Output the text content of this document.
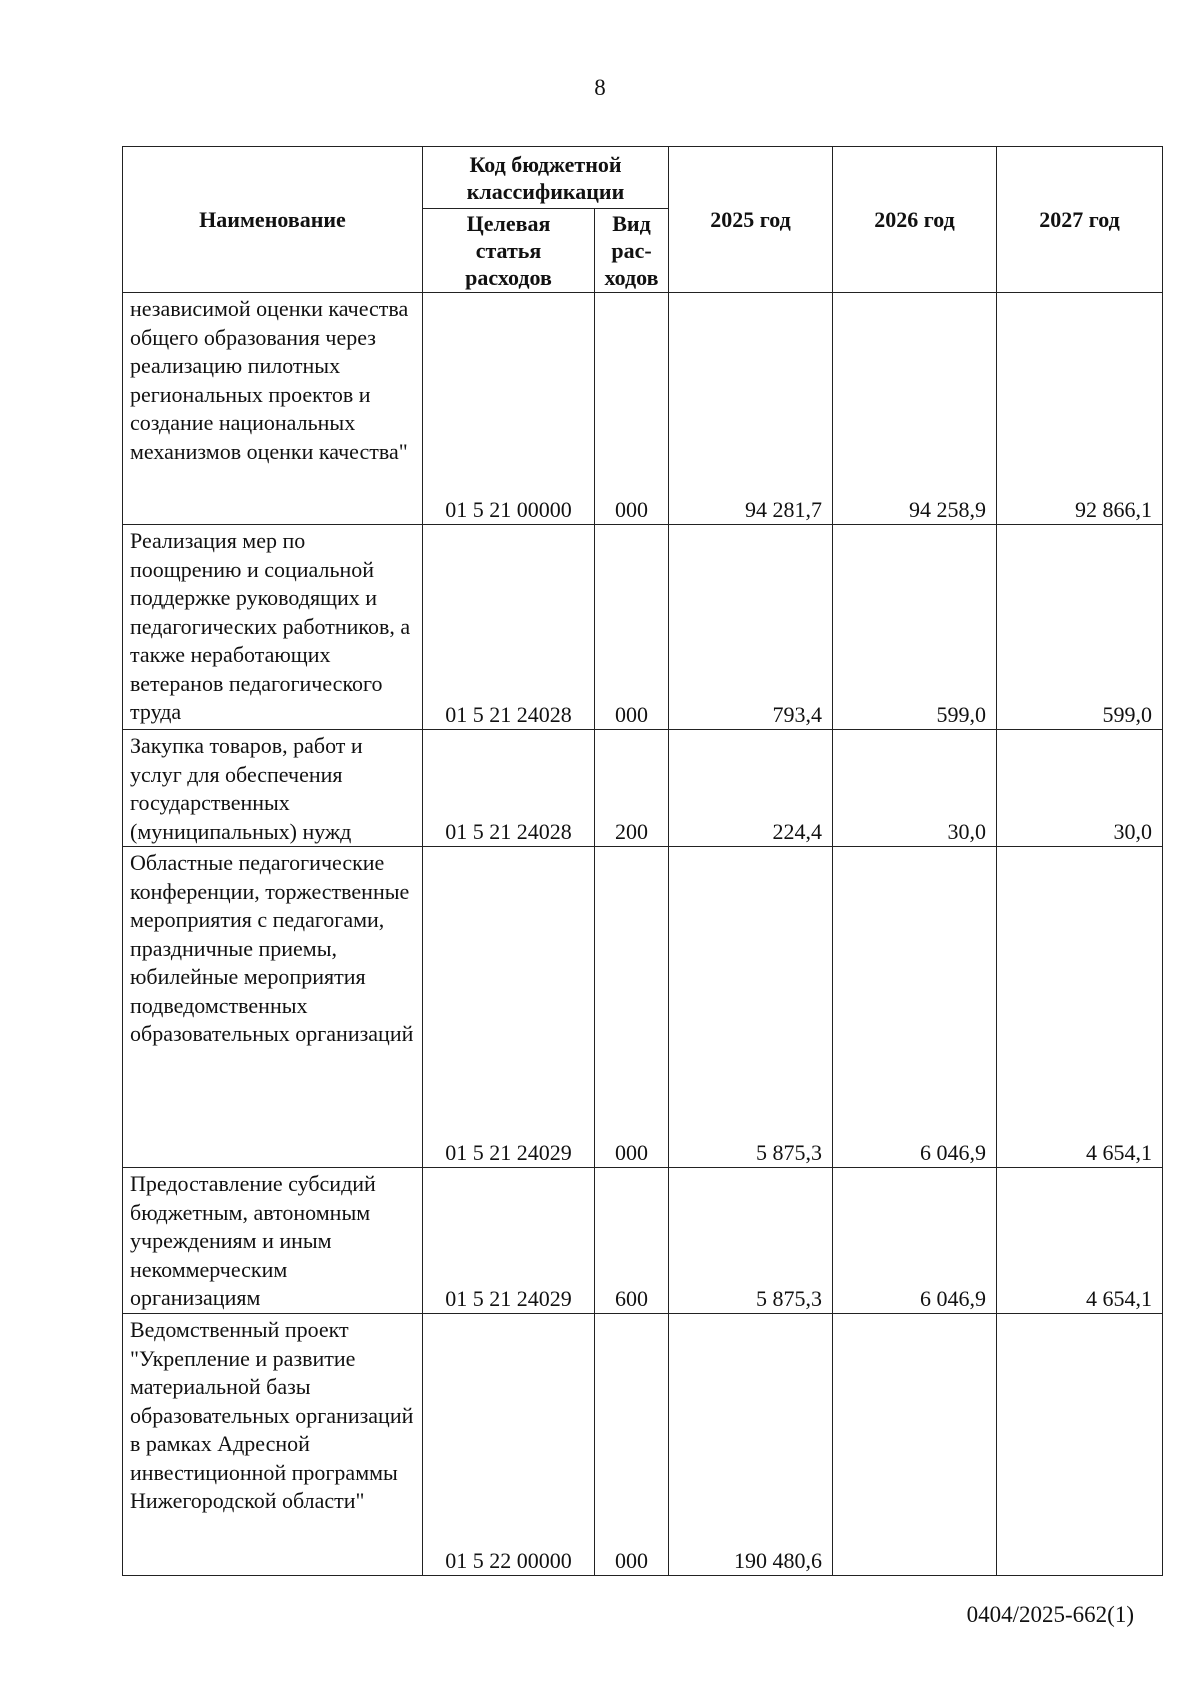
8
Наименование	Код бюджетной классификации		2025 год	2026 год	2027 год
	Целевая
статья
расходов	Вид
рас-
ходов			
независимой оценки качества общего образования через реализацию пилотных региональных проектов и создание национальных механизмов оценки качества"	01 5 21 00000	000	94 281,7	94 258,9	92 866,1
Реализация мер по поощрению и социальной поддержке руководящих и педагогических работников, а также неработающих ветеранов педагогического труда	01 5 21 24028	000	793,4	599,0	599,0
Закупка товаров, работ и услуг для обеспечения государственных (муниципальных) нужд	01 5 21 24028	200	224,4	30,0	30,0
Областные педагогические конференции, торжественные мероприятия с педагогами, праздничные приемы, юбилейные мероприятия подведомственных образовательных организаций	01 5 21 24029	000	5 875,3	6 046,9	4 654,1
Предоставление субсидий бюджетным, автономным учреждениям и иным некоммерческим организациям	01 5 21 24029	600	5 875,3	6 046,9	4 654,1
Ведомственный проект "Укрепление и развитие материальной базы образовательных организаций в рамках Адресной инвестиционной программы Нижегородской области"	01 5 22 00000	000	190 480,6		
0404/2025-662(1)
